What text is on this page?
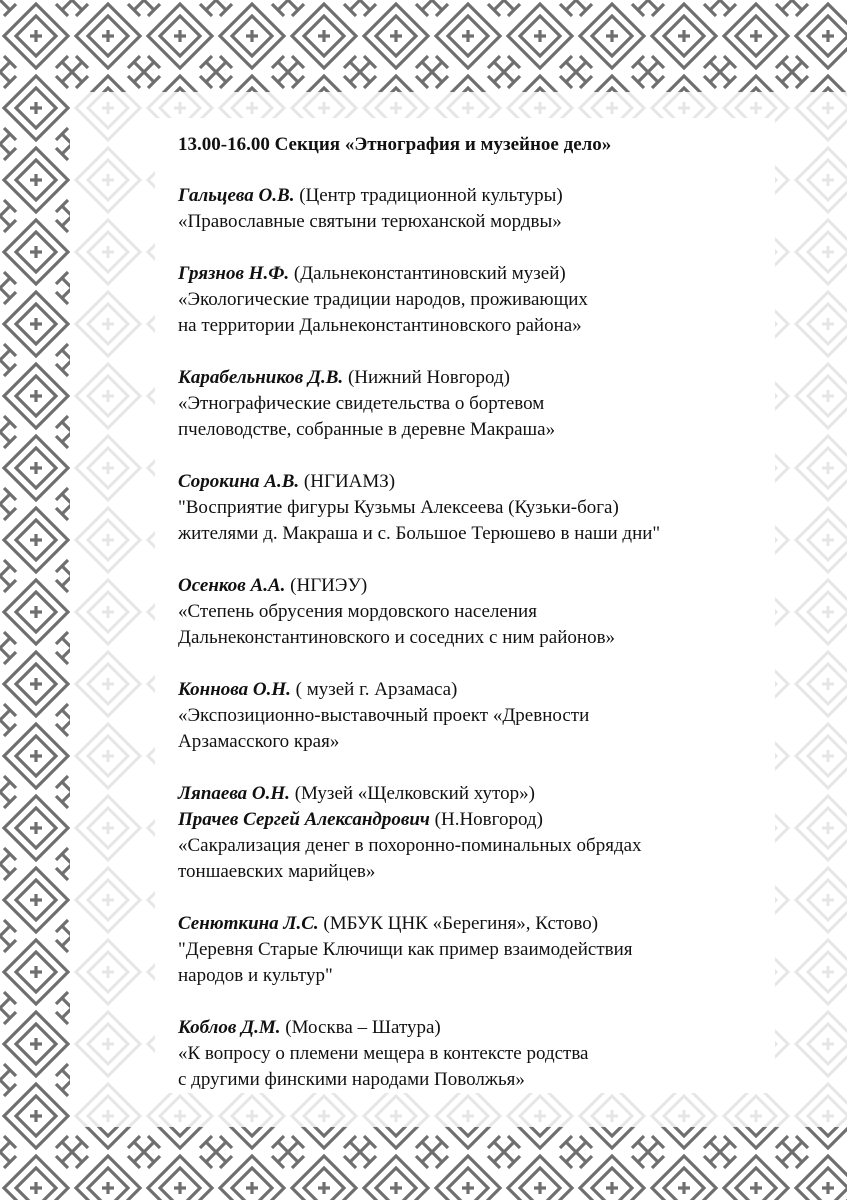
13.00-16.00 Секция «Этнография и музейное дело»
Гальцева О.В. (Центр традиционной культуры)
«Православные святыни терюханской мордвы»
Грязнов Н.Ф. (Дальнеконстантиновский музей)
«Экологические традиции народов, проживающих
на территории Дальнеконстантиновского района»
Карабельников Д.В. (Нижний Новгород)
«Этнографические свидетельства о бортевом
пчеловодстве, собранные в деревне Макраша»
Сорокина А.В. (НГИАМЗ)
"Восприятие фигуры Кузьмы Алексеева (Кузьки-бога)
жителями д. Макраша и с. Большое Терюшево в наши дни"
Осенков А.А. (НГИЭУ)
«Степень обрусения мордовского населения
Дальнеконстантиновского и соседних с ним районов»
Коннова О.Н. ( музей г. Арзамаса)
«Экспозиционно-выставочный проект «Древности
Арзамасского края»
Ляпаева О.Н. (Музей «Щелковский хутор»)
Прачев Сергей Александрович (Н.Новгород)
«Сакрализация денег в похоронно-поминальных обрядах
тоншаевских марийцев»
Сенюткина Л.С. (МБУК ЦНК «Берегиня», Кстово)
"Деревня Старые Ключищи как пример взаимодействия
народов и культур"
Коблов Д.М. (Москва – Шатура)
«К вопросу о племени мещера в контексте родства
с другими финскими народами Поволжья»
